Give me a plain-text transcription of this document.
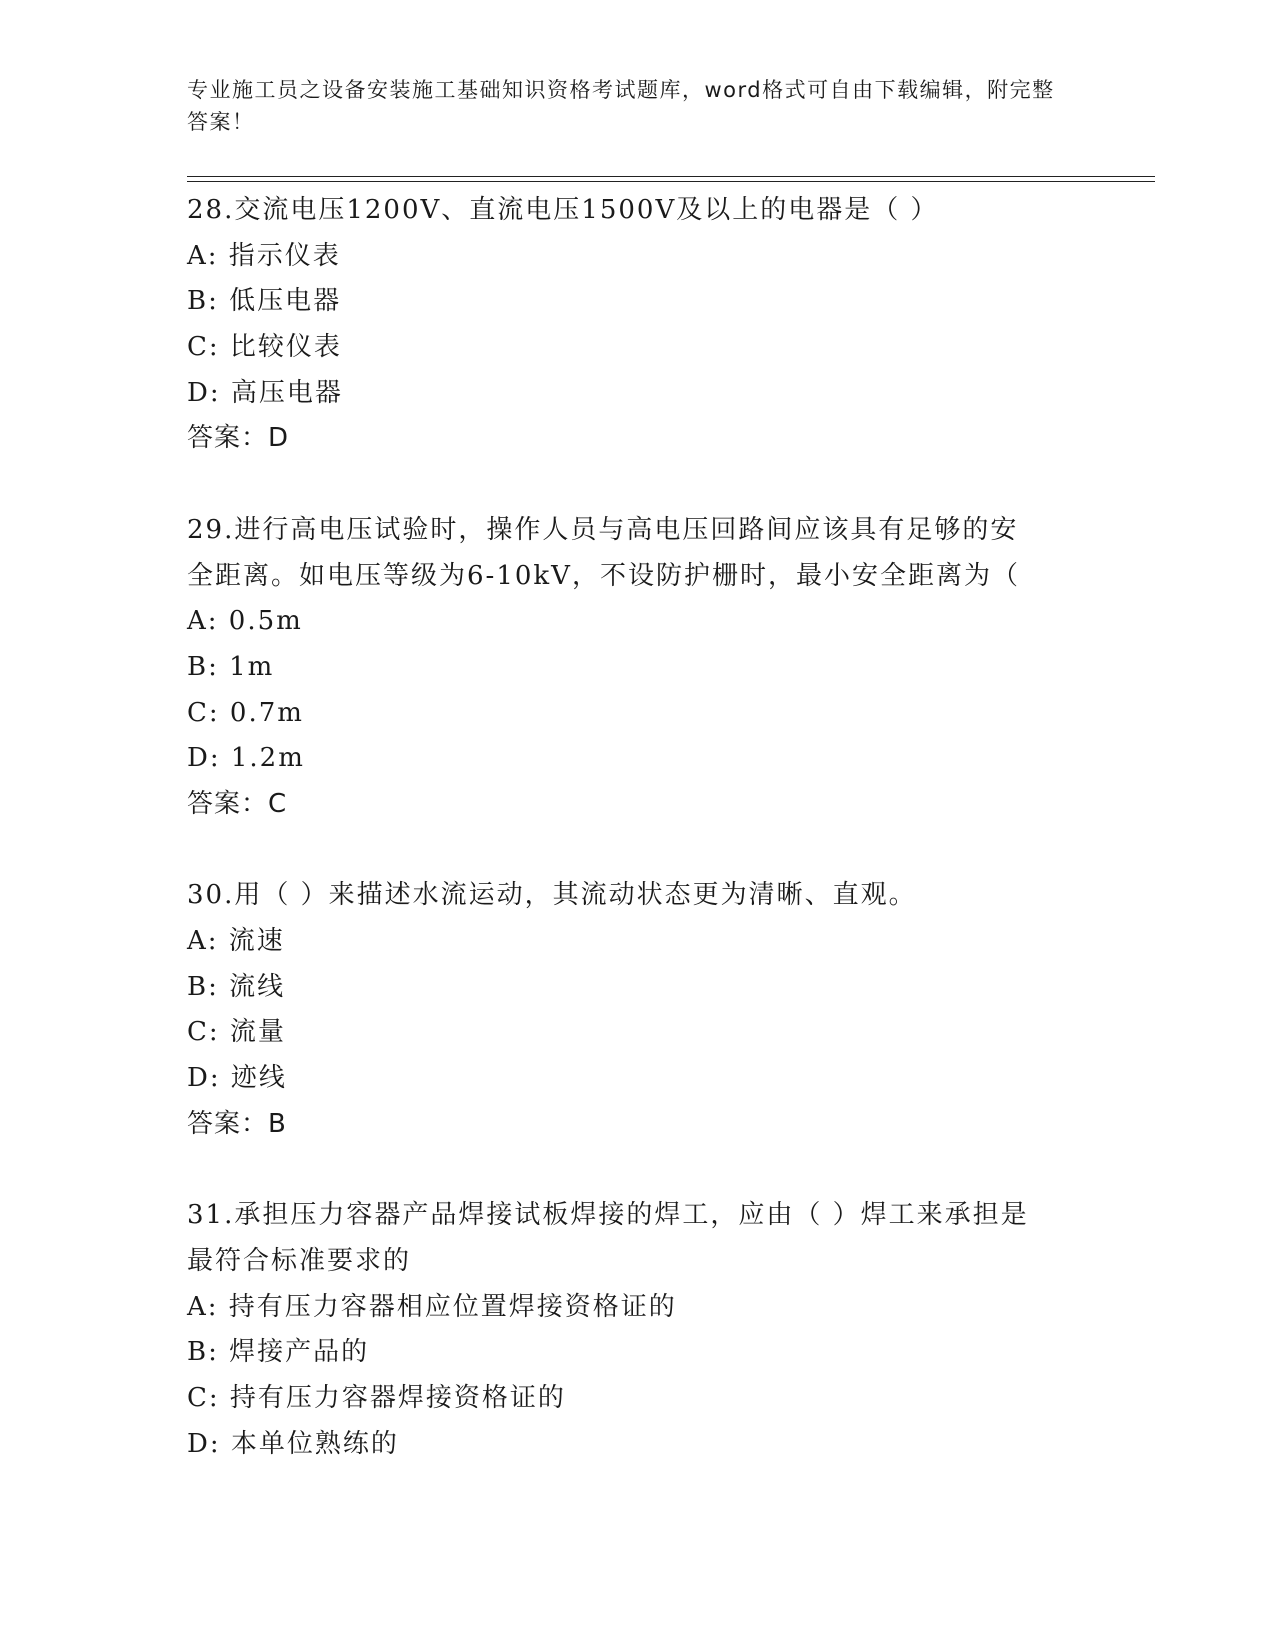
专业施工员之设备安装施工基础知识资格考试题库，word格式可自由下载编辑，附完整答案！
28.交流电压1200V、直流电压1500V及以上的电器是（ ）
A: 指示仪表
B: 低压电器
C: 比较仪表
D: 高压电器
答案：D
29.进行高电压试验时，操作人员与高电压回路间应该具有足够的安全距离。如电压等级为6-10kV，不设防护栅时，最小安全距离为（
A: 0.5m
B: 1m
C: 0.7m
D: 1.2m
答案：C
30.用（ ）来描述水流运动，其流动状态更为清晰、直观。
A: 流速
B: 流线
C: 流量
D: 迹线
答案：B
31.承担压力容器产品焊接试板焊接的焊工，应由（ ）焊工来承担是最符合标准要求的
A: 持有压力容器相应位置焊接资格证的
B: 焊接产品的
C: 持有压力容器焊接资格证的
D: 本单位熟练的
